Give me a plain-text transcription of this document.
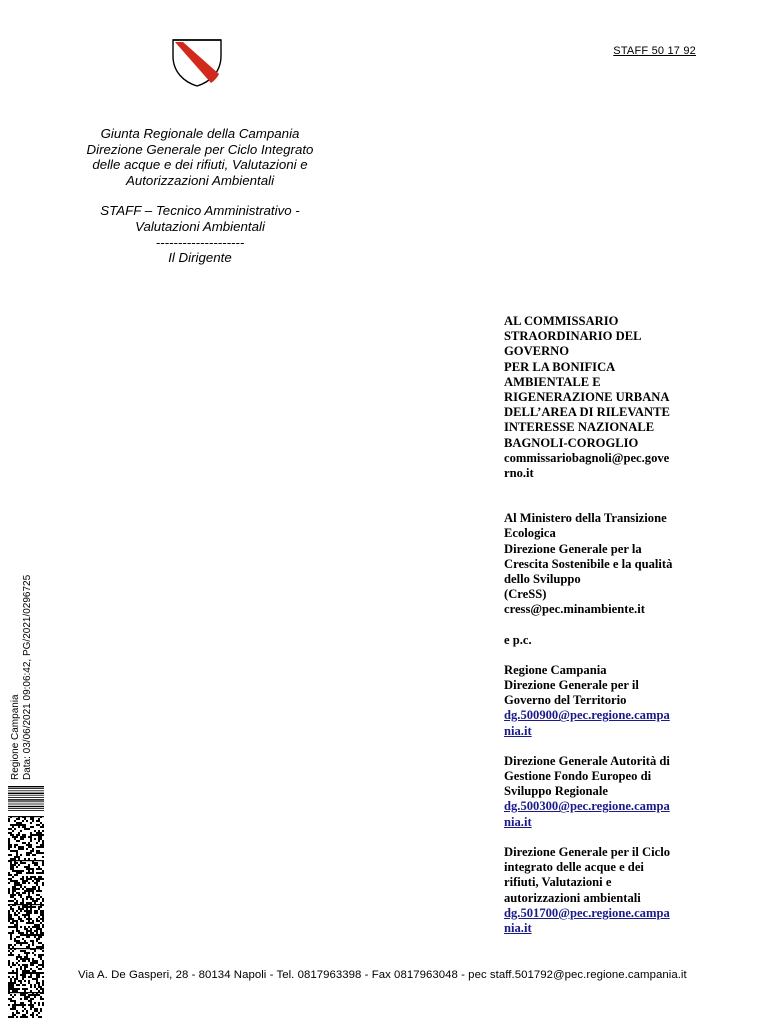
STAFF 50 17 92
Giunta Regionale della Campania
Direzione Generale per Ciclo Integrato
delle acque e dei rifiuti, Valutazioni e
Autorizzazioni Ambientali
STAFF – Tecnico Amministrativo -
Valutazioni Ambientali
--------------------
Il Dirigente
AL COMMISSARIO
STRAORDINARIO DEL
GOVERNO
PER LA BONIFICA
AMBIENTALE E
RIGENERAZIONE URBANA
DELL’AREA DI RILEVANTE
INTERESSE NAZIONALE
BAGNOLI-COROGLIO
commissariobagnoli@pec.gove
rno.it
Al Ministero della Transizione
Ecologica
Direzione Generale per la
Crescita Sostenibile e la qualità
dello Sviluppo
(CreSS)
cress@pec.minambiente.it
e p.c.
Regione Campania
Direzione Generale per il
Governo del Territorio
dg.500900@pec.regione.campa
nia.it
Direzione Generale Autorità di
Gestione Fondo Europeo di
Sviluppo Regionale
dg.500300@pec.regione.campa
nia.it
Direzione Generale per il Ciclo
integrato delle acque e dei
rifiuti, Valutazioni e
autorizzazioni ambientali
dg.501700@pec.regione.campa
nia.it
Regione Campania Data: 03/06/2021 09:06:42, PG/2021/0296725
Via A. De Gasperi, 28 - 80134 Napoli - Tel. 0817963398 - Fax 0817963048 - pec staff.501792@pec.regione.campania.it
